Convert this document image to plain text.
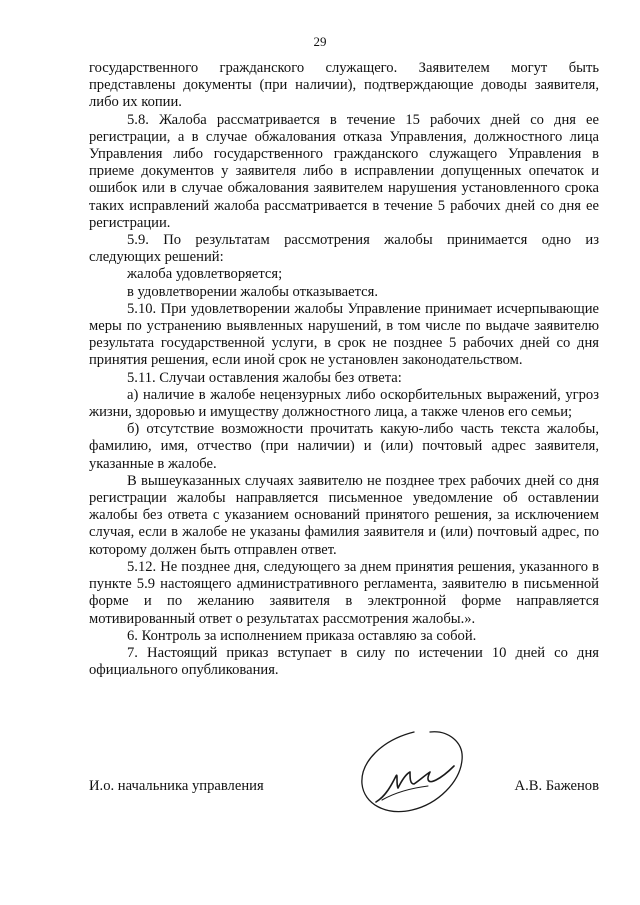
29

государственного гражданского служащего. Заявителем могут быть представлены документы (при наличии), подтверждающие доводы заявителя, либо их копии.

5.8. Жалоба рассматривается в течение 15 рабочих дней со дня ее регистрации, а в случае обжалования отказа Управления, должностного лица Управления либо государственного гражданского служащего Управления в приеме документов у заявителя либо в исправлении допущенных опечаток и ошибок или в случае обжалования заявителем нарушения установленного срока таких исправлений жалоба рассматривается в течение 5 рабочих дней со дня ее регистрации.

5.9. По результатам рассмотрения жалобы принимается одно из следующих решений:

жалоба удовлетворяется;

в удовлетворении жалобы отказывается.

5.10. При удовлетворении жалобы Управление принимает исчерпывающие меры по устранению выявленных нарушений, в том числе по выдаче заявителю результата государственной услуги, в срок не позднее 5 рабочих дней со дня принятия решения, если иной срок не установлен законодательством.

5.11. Случаи оставления жалобы без ответа:

а) наличие в жалобе нецензурных либо оскорбительных выражений, угроз жизни, здоровью и имуществу должностного лица, а также членов его семьи;

б) отсутствие возможности прочитать какую-либо часть текста жалобы, фамилию, имя, отчество (при наличии) и (или) почтовый адрес заявителя, указанные в жалобе.

В вышеуказанных случаях заявителю не позднее трех рабочих дней со дня регистрации жалобы направляется письменное уведомление об оставлении жалобы без ответа с указанием оснований принятого решения, за исключением случая, если в жалобе не указаны фамилия заявителя и (или) почтовый адрес, по которому должен быть отправлен ответ.

5.12. Не позднее дня, следующего за днем принятия решения, указанного в пункте 5.9 настоящего административного регламента, заявителю в письменной форме и по желанию заявителя в электронной форме направляется мотивированный ответ о результатах рассмотрения жалобы.».

6. Контроль за исполнением приказа оставляю за собой.

7. Настоящий приказ вступает в силу по истечении 10 дней со дня официального опубликования.

И.о. начальника управления	А.В. Баженов
